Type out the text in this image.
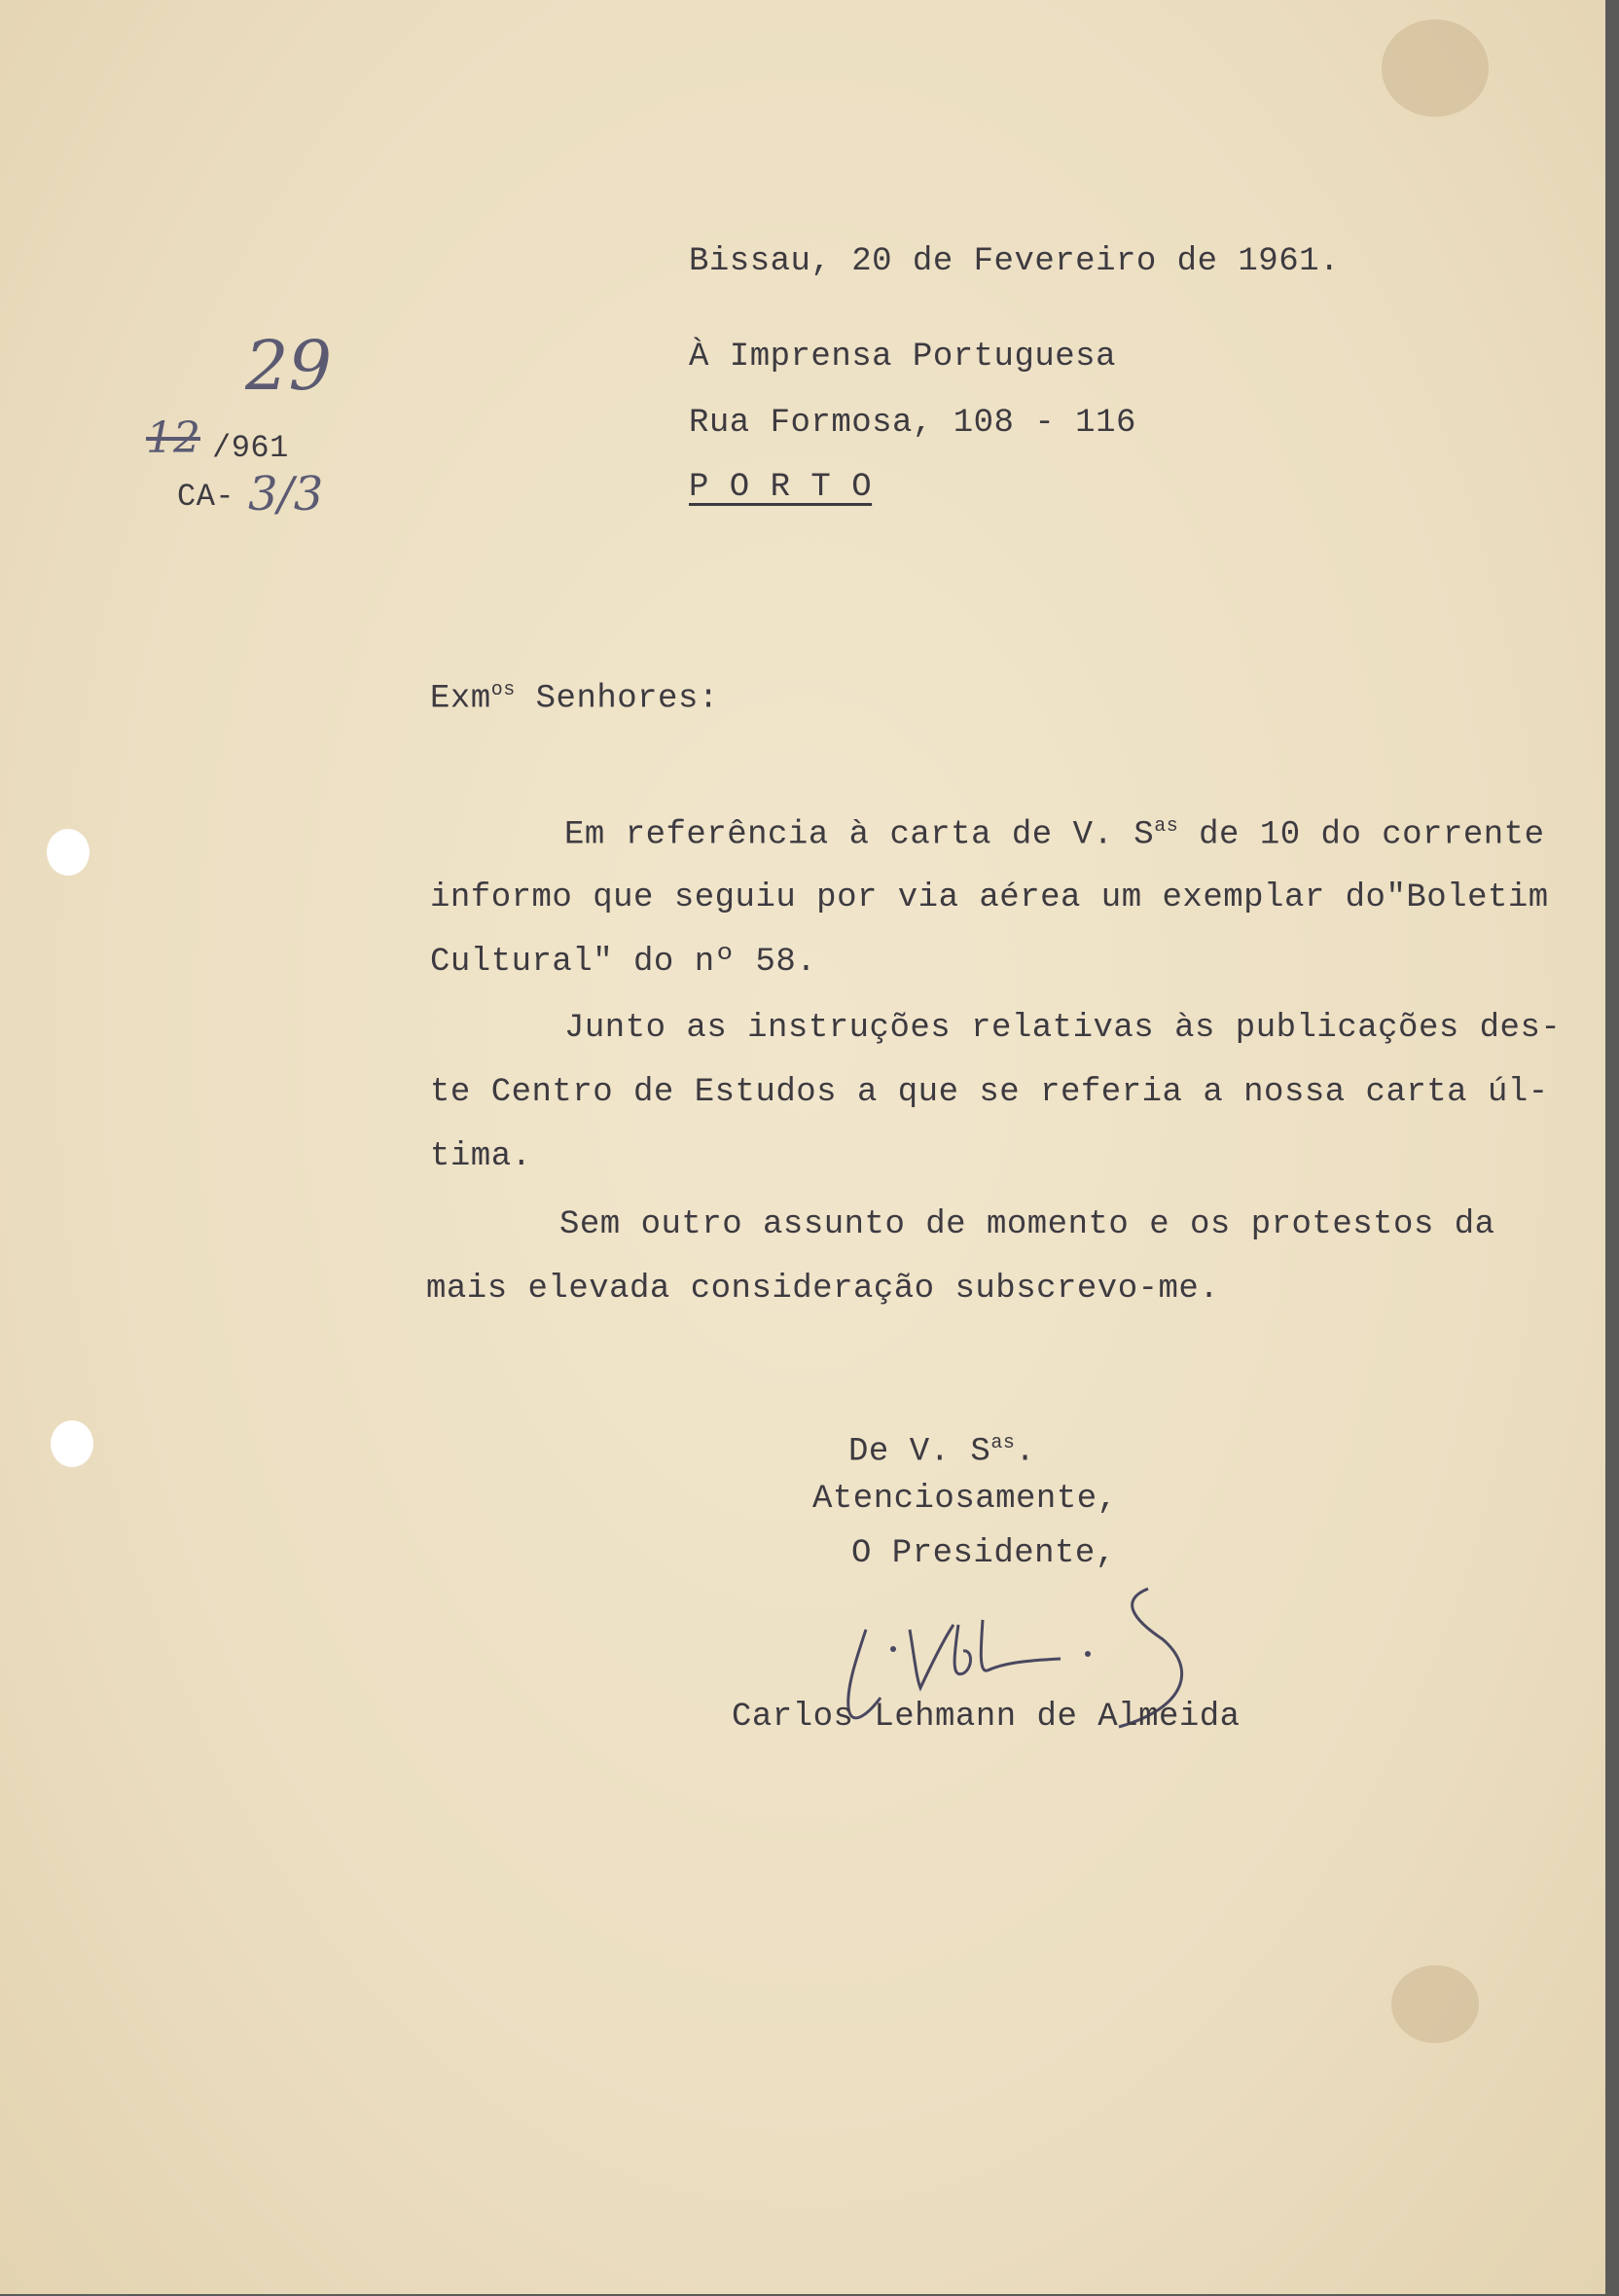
29
12 /961
CA- 3/3
Bissau, 20 de Fevereiro de 1961.
À Imprensa Portuguesa
Rua Formosa, 108 - 116
P O R T O
Exm$^{os}$ Senhores:
Em referência à carta de V. $S^{as}$ de 10 do corrente
informo que seguiu por via aérea um exemplar do"Boletim
Cultural" do nº 58.
Junto as instruções relativas às publicações des-
te Centro de Estudos a que se referia a nossa carta úl-
tima.
Sem outro assunto de momento e os protestos da
mais elevada consideração subscrevo-me.
De V. $S^{as}$.
Atenciosamente,
O Presidente,
Carlos Lehmann de Almeida
